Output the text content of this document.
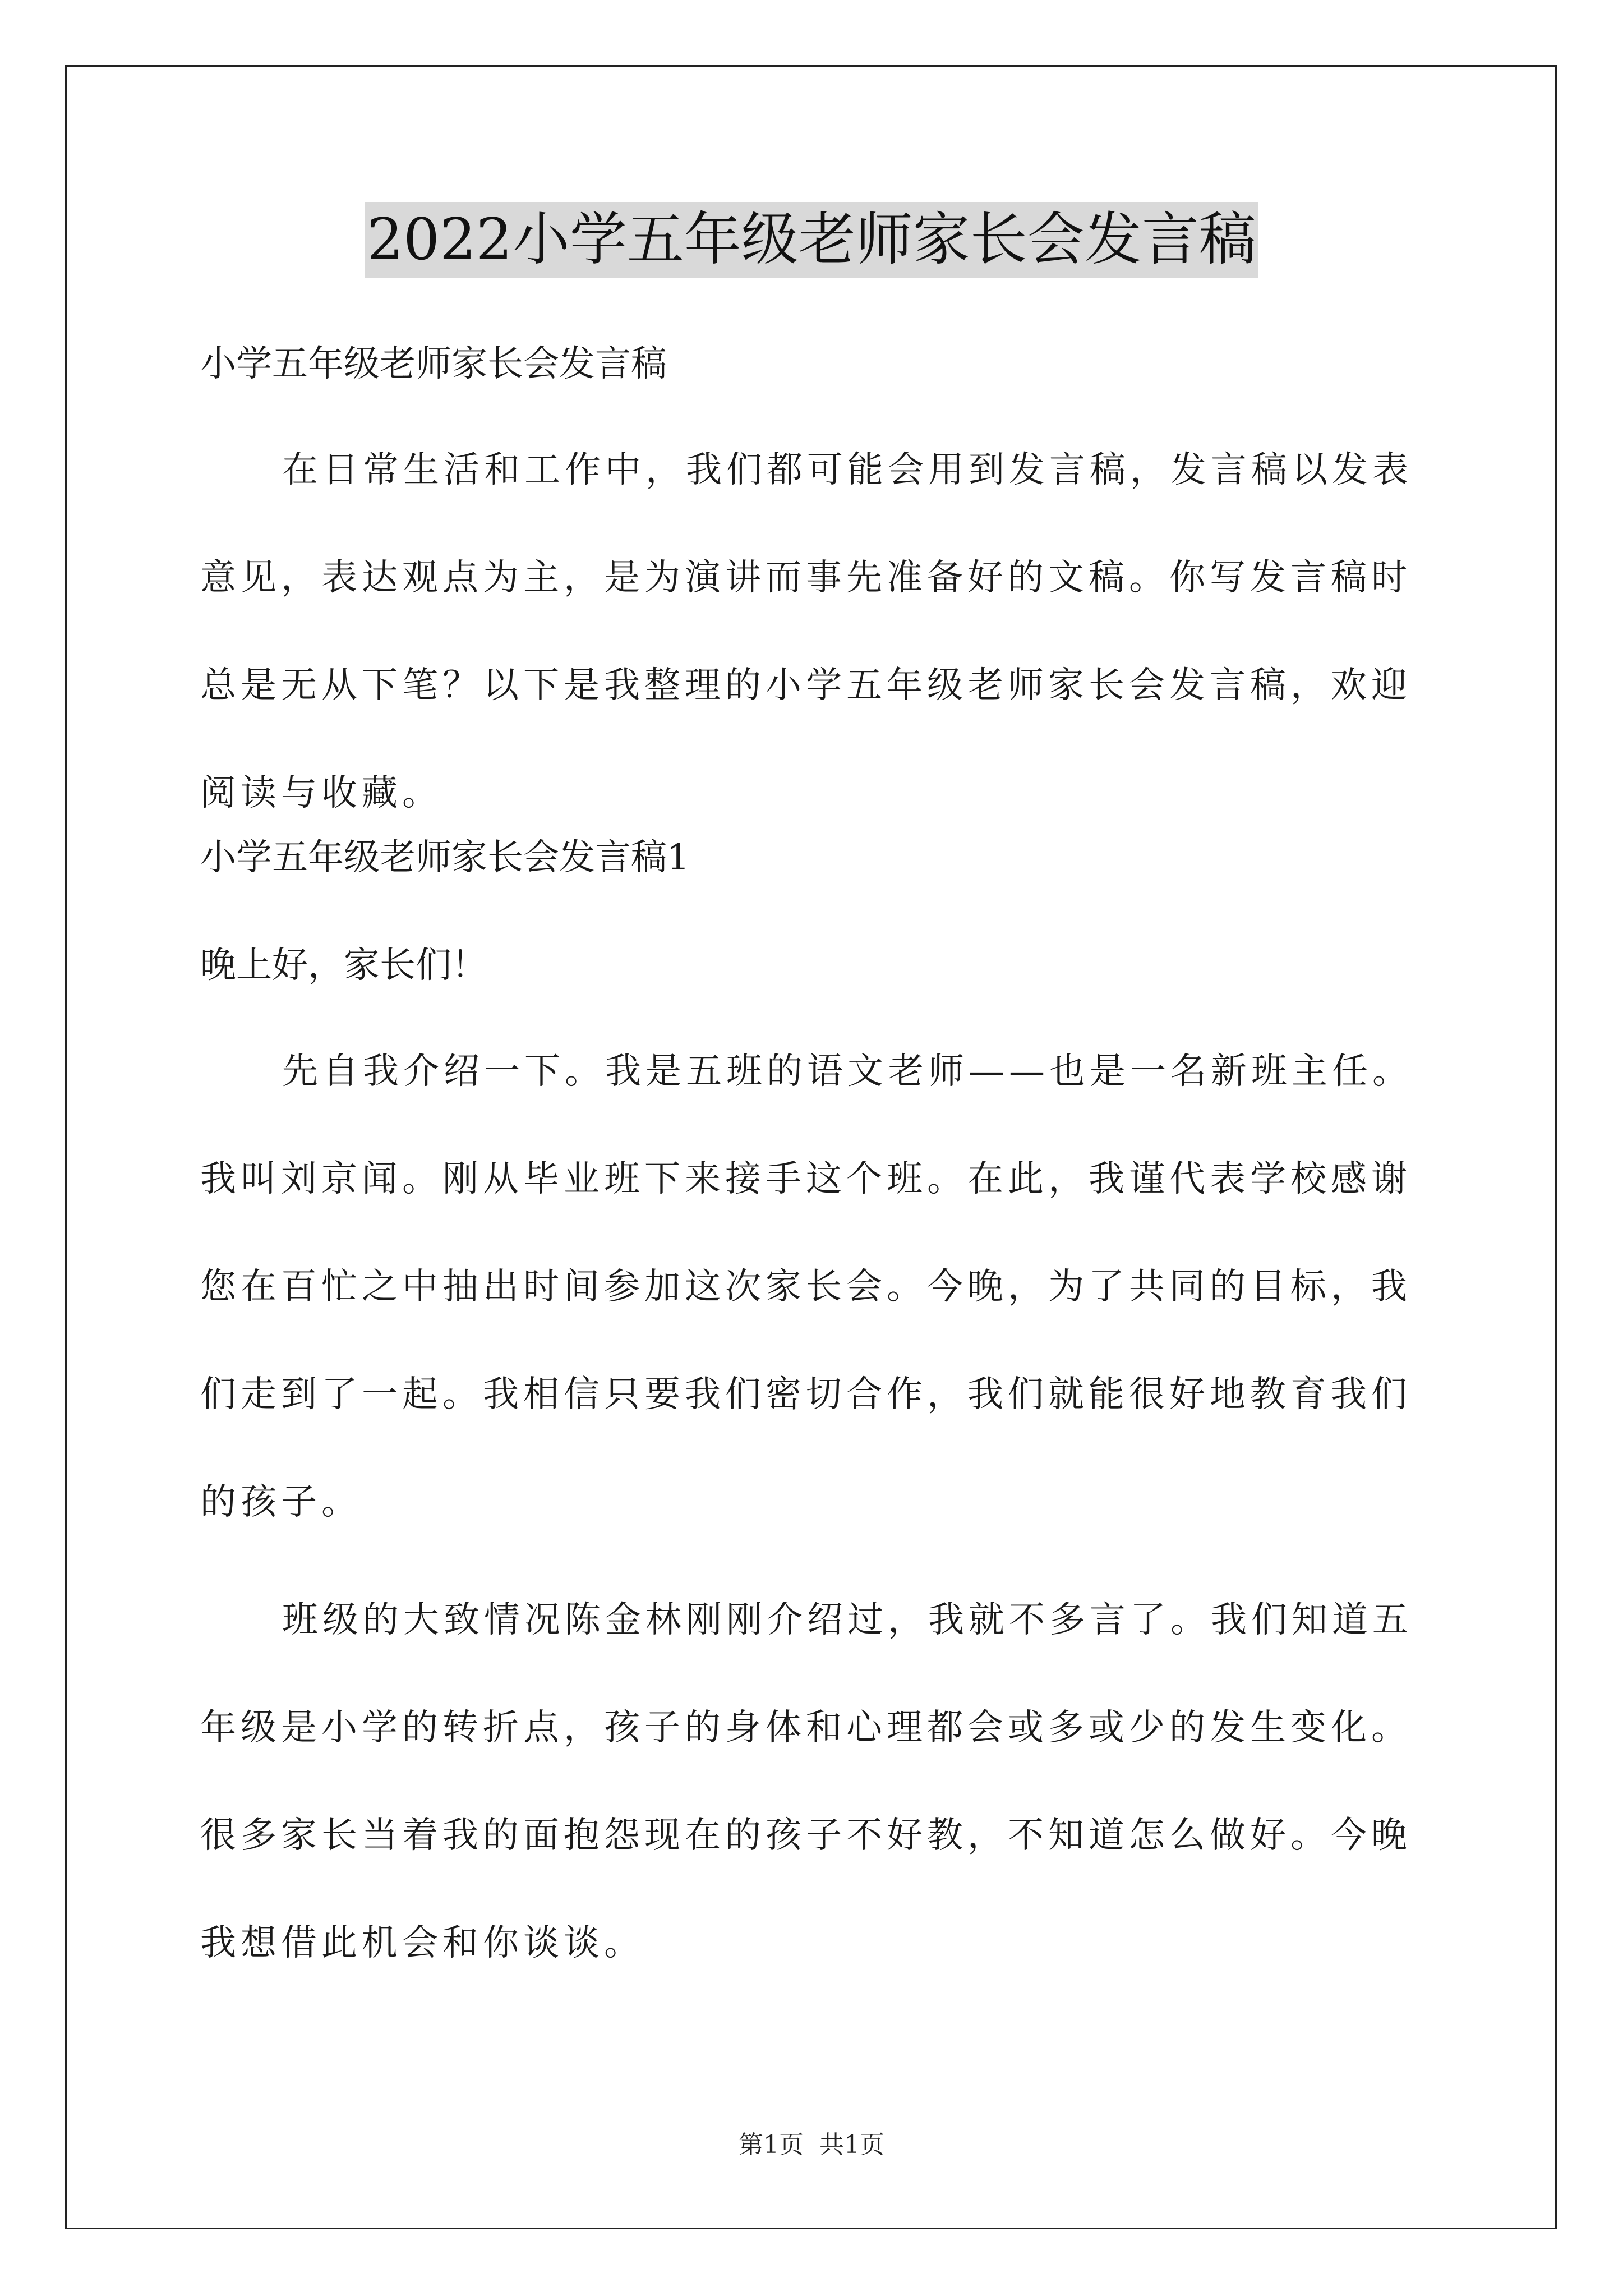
2022小学五年级老师家长会发言稿

小学五年级老师家长会发言稿

在日常生活和工作中，我们都可能会用到发言稿，发言稿以发表意见，表达观点为主，是为演讲而事先准备好的文稿。你写发言稿时总是无从下笔？以下是我整理的小学五年级老师家长会发言稿，欢迎阅读与收藏。

小学五年级老师家长会发言稿1

晚上好，家长们！

先自我介绍一下。我是五班的语文老师——也是一名新班主任。我叫刘京闻。刚从毕业班下来接手这个班。在此，我谨代表学校感谢您在百忙之中抽出时间参加这次家长会。今晚，为了共同的目标，我们走到了一起。我相信只要我们密切合作，我们就能很好地教育我们的孩子。

班级的大致情况陈金林刚刚介绍过，我就不多言了。我们知道五年级是小学的转折点，孩子的身体和心理都会或多或少的发生变化。很多家长当着我的面抱怨现在的孩子不好教，不知道怎么做好。今晚我想借此机会和你谈谈。

第1页 共1页
